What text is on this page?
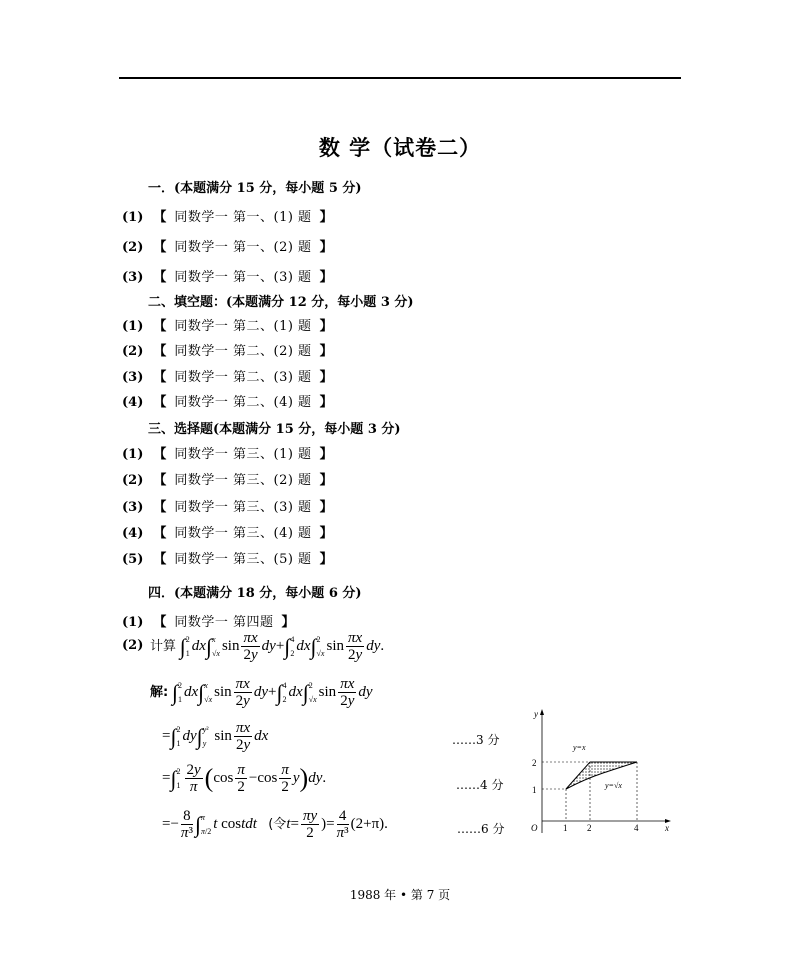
数 学（试卷二）
一．(本题满分 15 分，每小题 5 分)
(1) 【 同数学一 第一、(1) 题 】
(2) 【 同数学一 第一、(2) 题 】
(3) 【 同数学一 第一、(3) 题 】
二、填空题：(本题满分 12 分，每小题 3 分)
(1) 【 同数学一 第二、(1) 题 】
(2) 【 同数学一 第二、(2) 题 】
(3) 【 同数学一 第二、(3) 题 】
(4) 【 同数学一 第二、(4) 题 】
三、选择题(本题满分 15 分，每小题 3 分)
(1) 【 同数学一 第三、(1) 题 】
(2) 【 同数学一 第三、(2) 题 】
(3) 【 同数学一 第三、(3) 题 】
(4) 【 同数学一 第三、(4) 题 】
(5) 【 同数学一 第三、(5) 题 】
四．(本题满分 18 分，每小题 6 分)
(1) 【 同数学一 第四题 】
(2) 计算 ∫ 2
1 dx∫ x
√x $\sin \frac{\pi x}{2y} dy+\int$ 4
2 dx∫ 2
√x $\sin \frac{\pi x}{2y}$ dy.
解: ∫ 2
1 dx∫ x
√x $\sin \frac{\pi x}{2y} dy+\int$ 4
2 dx∫ 2
√x $\sin \frac{\pi x}{2y}$ dy
=∫ 2
1 dy∫ y²
y $\sin \frac{\pi x}{2y}$ dx	……3 分
=∫ 2
$1 \frac{2y}{\pi} (\cos \frac{\pi}{2} -\cos \frac{\pi}{2} y)dy$.	……4 分
=− $\frac{8}{\text{π³}}$ ∫ π
π/2 t costdt (令$t= \frac{\pi y}{2}$ )= $\frac{4}{\text{π³}} (2+\pi)$.	……6 分
y
x
O
y=x
y=√x
1 2	4
1
2
1988 年 • 第 7 页
